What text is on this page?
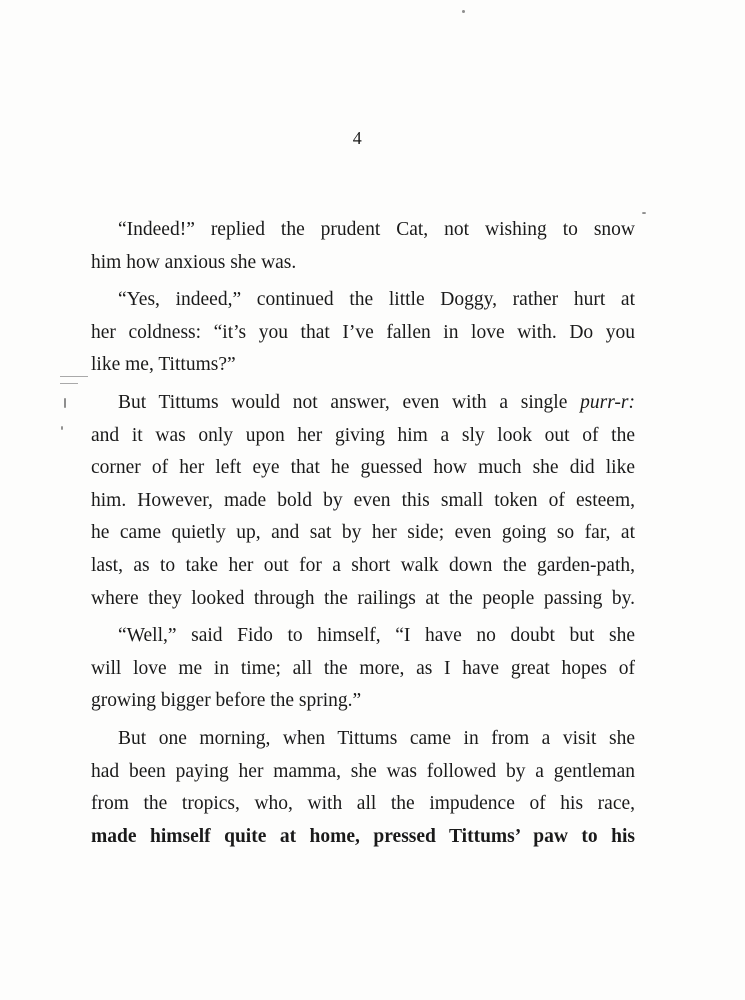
4

“Indeed!” replied the prudent Cat, not wishing to snow
him how anxious she was.

“Yes, indeed,” continued the little Doggy, rather hurt at
her coldness: “it’s you that I’ve fallen in love with. Do you
like me, Tittums?”

But Tittums would not answer, even with a single purr-r:
and it was only upon her giving him a sly look out of the
corner of her left eye that he guessed how much she did like
him. However, made bold by even this small token of esteem,
he came quietly up, and sat by her side; even going so far, at
last, as to take her out for a short walk down the garden-path,
where they looked through the railings at the people passing by.

“Well,” said Fido to himself, “I have no doubt but she
will love me in time; all the more, as I have great hopes of
growing bigger before the spring.”

But one morning, when Tittums came in from a visit she
had been paying her mamma, she was followed by a gentleman
from the tropics, who, with all the impudence of his race,
made himself quite at home, pressed Tittums’ paw to his
